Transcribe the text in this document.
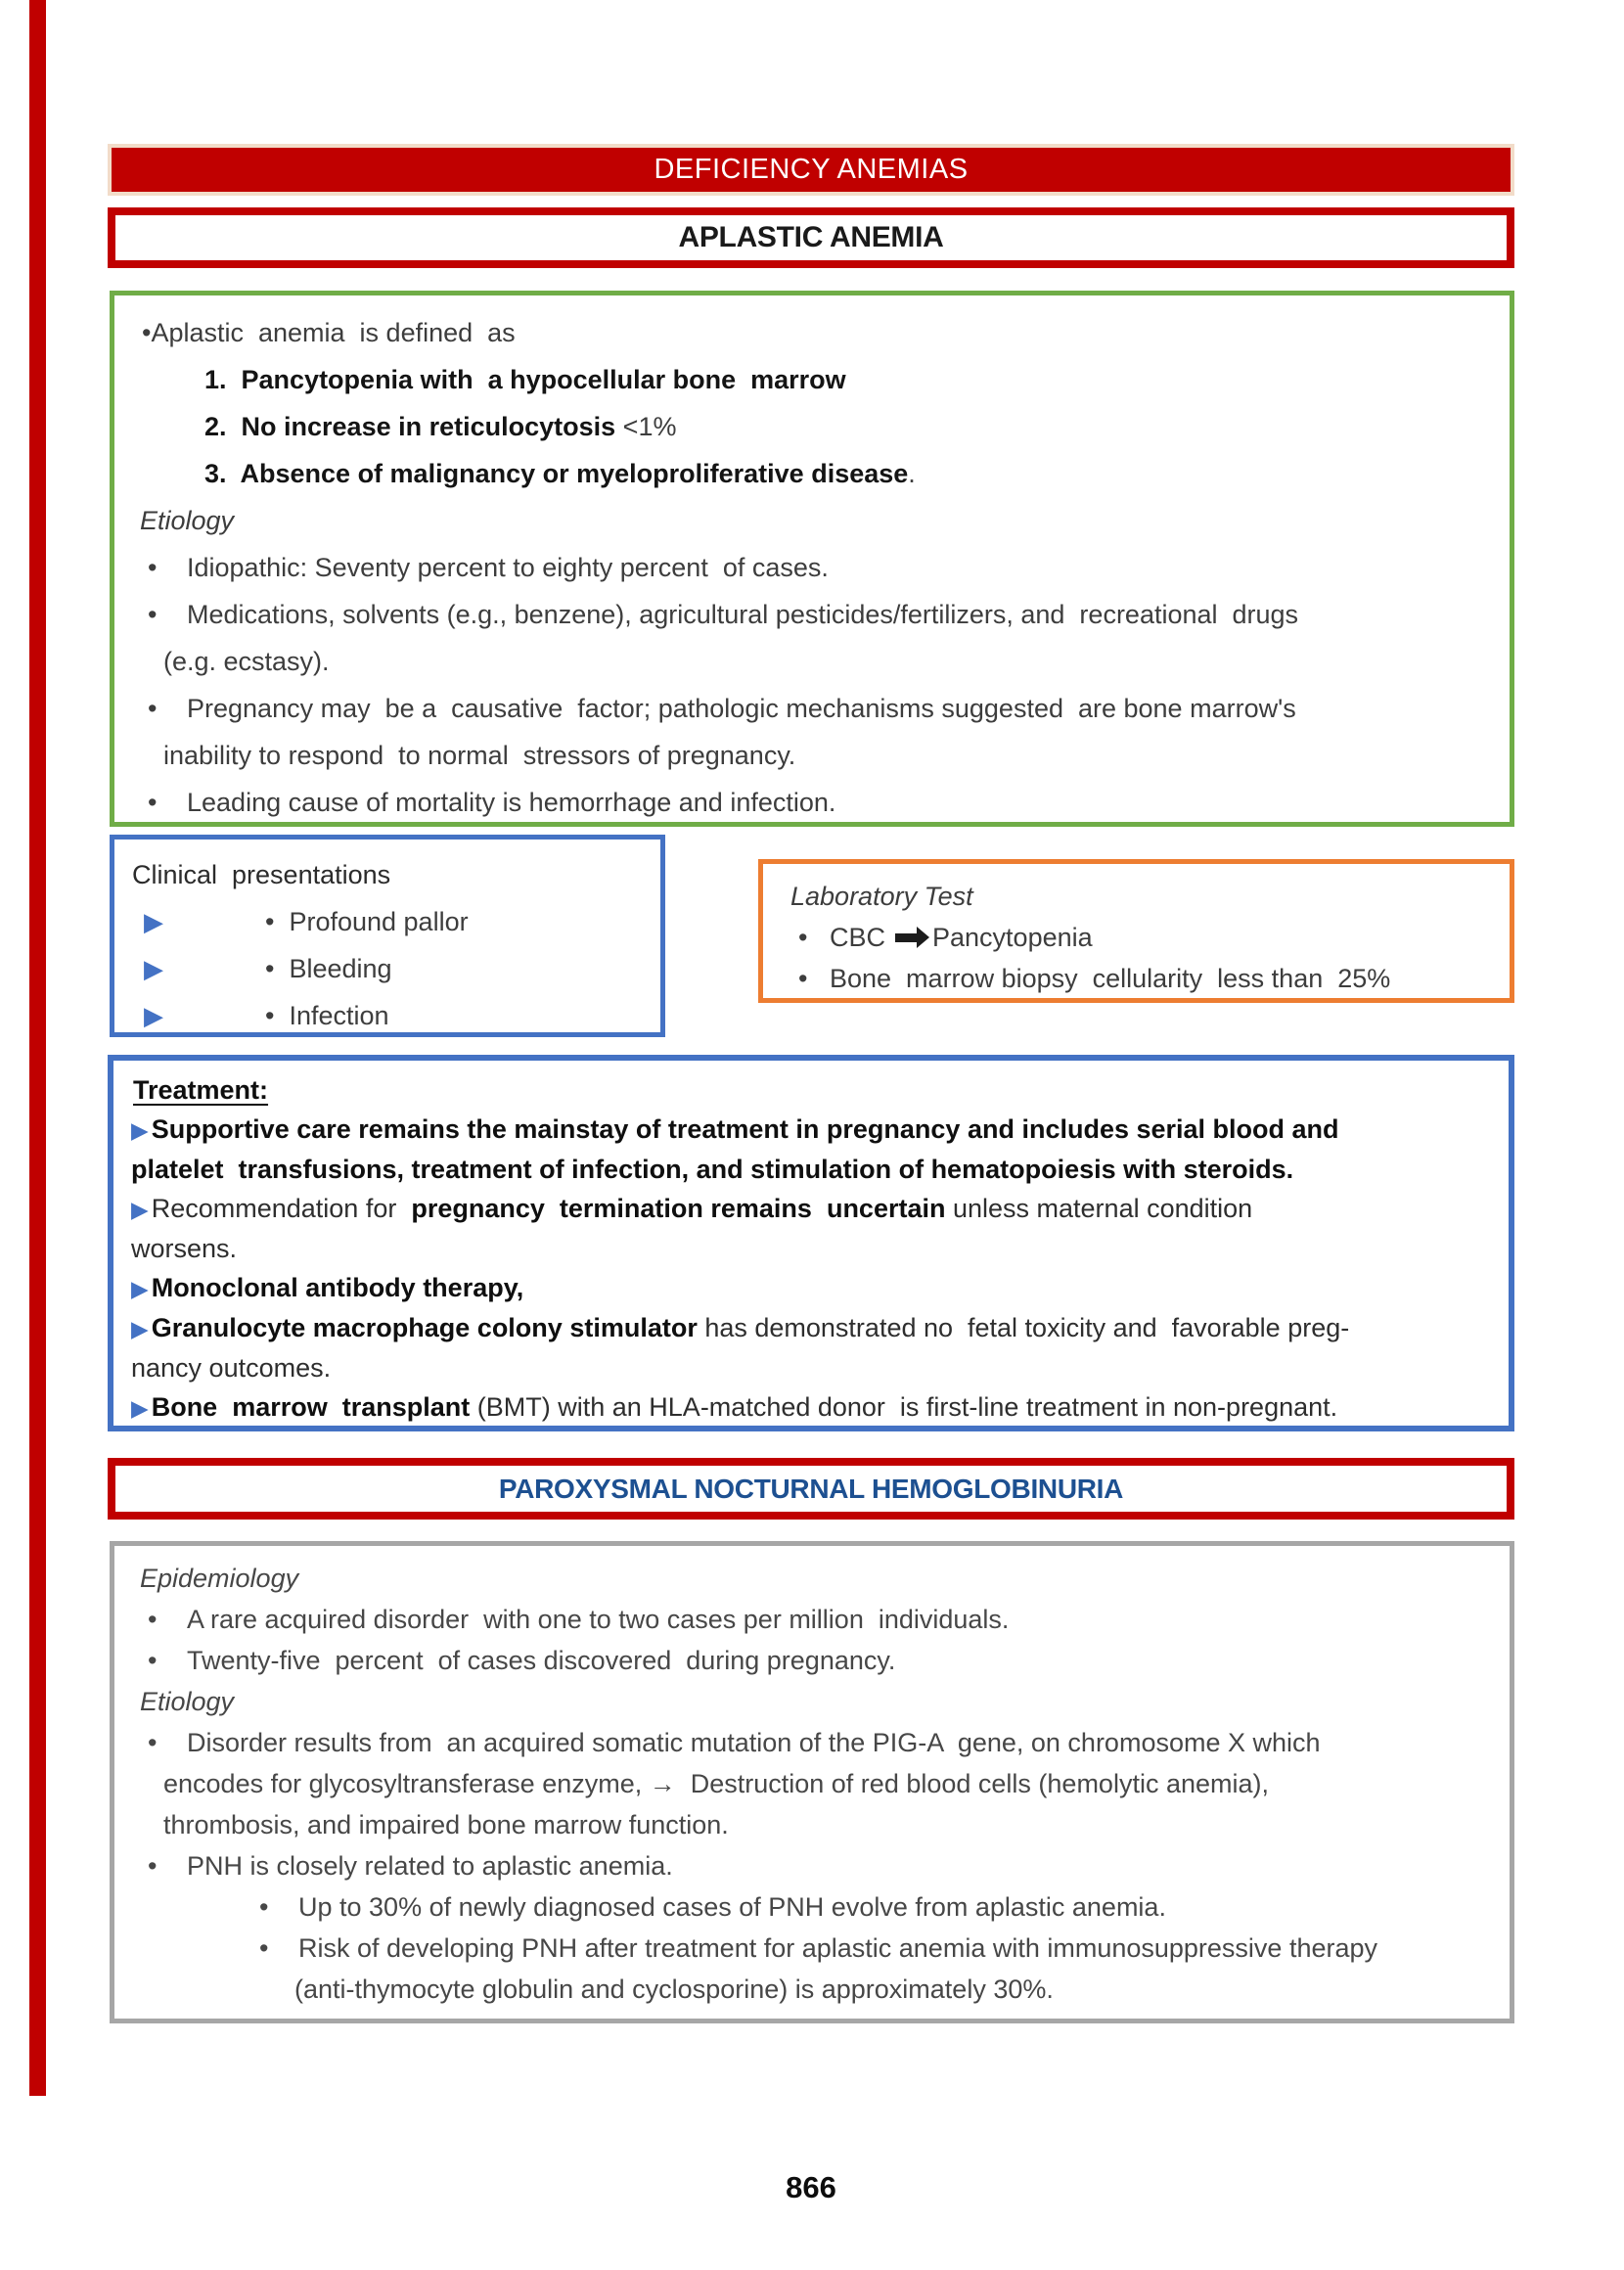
DEFICIENCY ANEMIAS
APLASTIC ANEMIA
•Aplastic  anemia  is defined  as
1.  Pancytopenia with  a hypocellular bone  marrow
2.  No increase in reticulocytosis <1%
3.  Absence of malignancy or myeloproliferative disease.
Etiology
• Idiopathic: Seventy percent to eighty percent  of cases.
• Medications, solvents (e.g., benzene), agricultural pesticides/fertilizers, and  recreational  drugs
(e.g. ecstasy).
• Pregnancy may  be a  causative  factor; pathologic mechanisms suggested  are bone marrow's
inability to respond  to normal  stressors of pregnancy.
• Leading cause of mortality is hemorrhage and infection.
Clinical  presentations
▶	•  Profound pallor
▶	•  Bleeding
▶	•  Infection
Laboratory Test
• CBC Pancytopenia
• Bone  marrow biopsy  cellularity  less than  25%
Treatment:
▶ Supportive care remains the mainstay of treatment in pregnancy and includes serial blood and
platelet  transfusions, treatment of infection, and stimulation of hematopoiesis with steroids.
▶ Recommendation for  pregnancy  termination remains  uncertain unless maternal condition
worsens.
▶ Monoclonal antibody therapy,
▶ Granulocyte macrophage colony stimulator has demonstrated no  fetal toxicity and  favorable preg-
nancy outcomes.
▶ Bone  marrow  transplant (BMT) with an HLA-matched donor  is first-line treatment in non-pregnant.
PAROXYSMAL NOCTURNAL HEMOGLOBINURIA
Epidemiology
• A rare acquired disorder  with one to two cases per million  individuals.
• Twenty-five  percent  of cases discovered  during pregnancy.
Etiology
• Disorder results from  an acquired somatic mutation of the PIG-A  gene, on chromosome X which
encodes for glycosyltransferase enzyme, →  Destruction of red blood cells (hemolytic anemia),
thrombosis, and impaired bone marrow function.
• PNH is closely related to aplastic anemia.
• Up to 30% of newly diagnosed cases of PNH evolve from aplastic anemia.
• Risk of developing PNH after treatment for aplastic anemia with immunosuppressive therapy
(anti-thymocyte globulin and cyclosporine) is approximately 30%.
866
